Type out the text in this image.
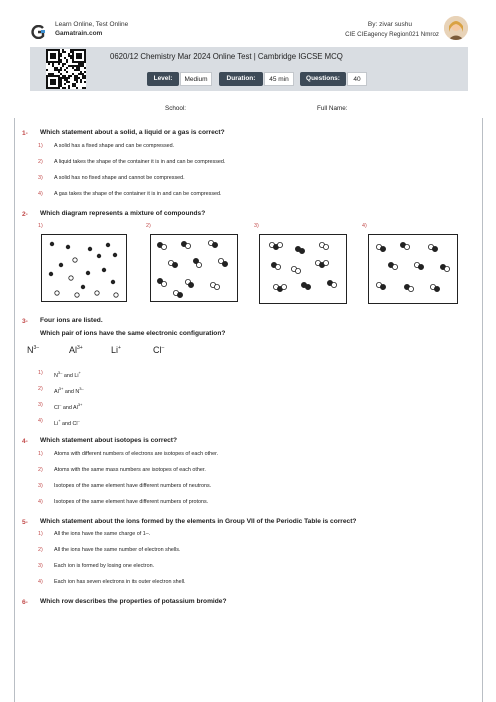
Learn Online, Test Online
Gamatrain.com
By: zivar sushu
CIE CIEagency Region021 Nmroz
0620/12 Chemistry Mar 2024 Online Test | Cambridge IGCSE MCQ
Level:	Medium	Duration:	45 min	Questions:	40
School:	Full Name:
1- Which statement about a solid, a liquid or a gas is correct?
1) A solid has a fixed shape and can be compressed.
2) A liquid takes the shape of the container it is in and can be compressed.
3) A solid has no fixed shape and cannot be compressed.
4) A gas takes the shape of the container it is in and can be compressed.
2- Which diagram represents a mixture of compounds?
1)	2)	3)	4)
3- Four ions are listed.
Which pair of ions have the same electronic configuration?
$N^{3-}$	$Al^{3+}$	Li+	Cl–
1) $N^{3-}$ and Li+
2) $Al^{3+}$ and $N^{3-}$
3) Cl– and $Al^{3+}$
4) Li+ and Cl–
4- Which statement about isotopes is correct?
1) Atoms with different numbers of electrons are isotopes of each other.
2) Atoms with the same mass numbers are isotopes of each other.
3) Isotopes of the same element have different numbers of neutrons.
4) Isotopes of the same element have different numbers of protons.
5- Which statement about the ions formed by the elements in Group VII of the Periodic Table is correct?
1) All the ions have the same charge of 1–.
2) All the ions have the same number of electron shells.
3) Each ion is formed by losing one electron.
4) Each ion has seven electrons in its outer electron shell.
6- Which row describes the properties of potassium bromide?
